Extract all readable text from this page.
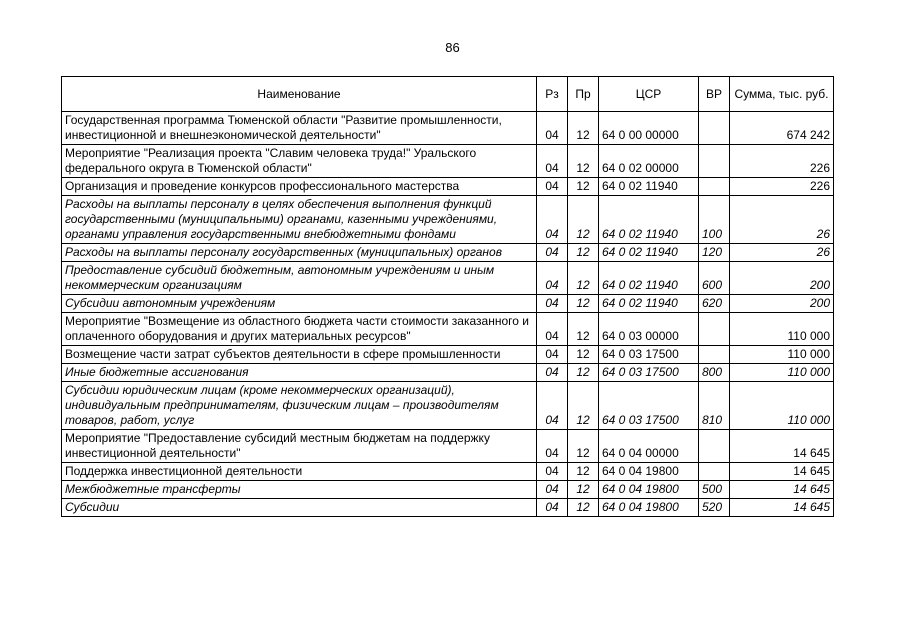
86
Наименование	Рз	Пр	ЦСР	ВР	Сумма, тыс. руб.
Государственная программа Тюменской области "Развитие промышленности, инвестиционной и внешнеэкономической деятельности"	04	12	64 0 00 00000		674 242
Мероприятие "Реализация проекта "Славим человека труда!" Уральского федерального округа в Тюменской области"	04	12	64 0 02 00000		226
Организация и проведение конкурсов профессионального мастерства	04	12	64 0 02 11940		226
Расходы на выплаты персоналу в целях обеспечения выполнения функций государственными (муниципальными) органами, казенными учреждениями, органами управления государственными внебюджетными фондами	04	12	64 0 02 11940	100	26
Расходы на выплаты персоналу государственных (муниципальных) органов	04	12	64 0 02 11940	120	26
Предоставление субсидий бюджетным, автономным учреждениям и иным некоммерческим организациям	04	12	64 0 02 11940	600	200
Субсидии автономным учреждениям	04	12	64 0 02 11940	620	200
Мероприятие "Возмещение из областного бюджета части стоимости заказанного и оплаченного оборудования и других материальных ресурсов"	04	12	64 0 03 00000		110 000
Возмещение части затрат субъектов деятельности в сфере промышленности	04	12	64 0 03 17500		110 000
Иные бюджетные ассигнования	04	12	64 0 03 17500	800	110 000
Субсидии юридическим лицам (кроме некоммерческих организаций), индивидуальным предпринимателям, физическим лицам – производителям товаров, работ, услуг	04	12	64 0 03 17500	810	110 000
Мероприятие "Предоставление субсидий местным бюджетам на поддержку инвестиционной деятельности"	04	12	64 0 04 00000		14 645
Поддержка инвестиционной деятельности	04	12	64 0 04 19800		14 645
Межбюджетные трансферты	04	12	64 0 04 19800	500	14 645
Субсидии	04	12	64 0 04 19800	520	14 645
